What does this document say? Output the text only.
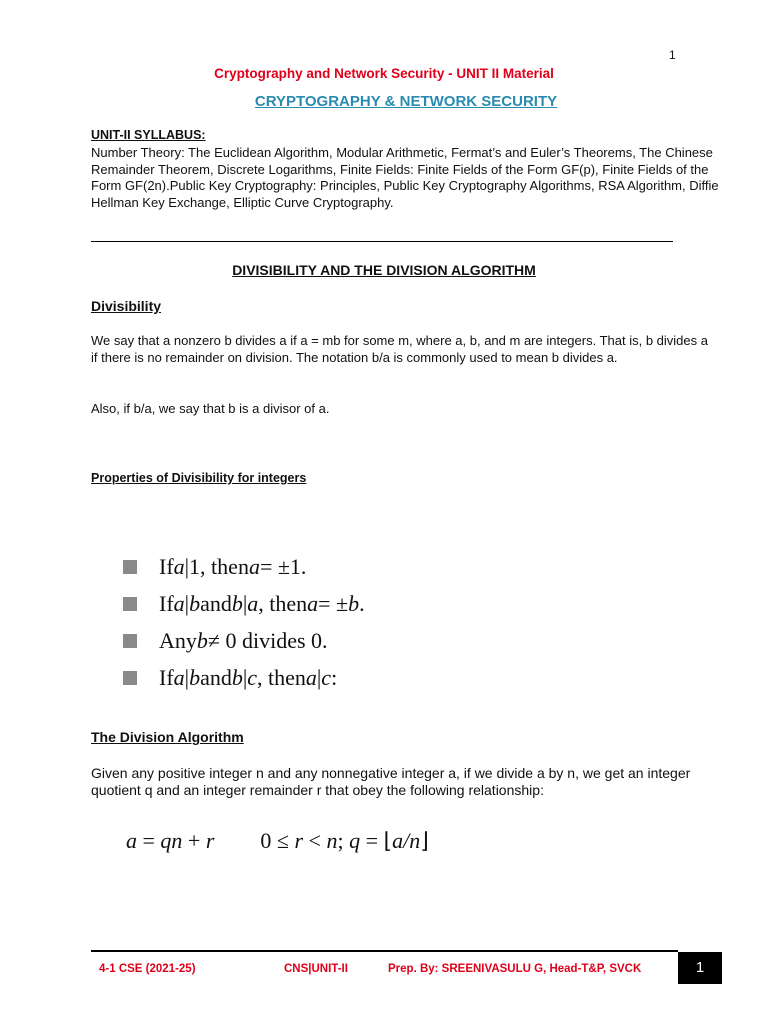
1
Cryptography and Network Security - UNIT II Material
CRYPTOGRAPHY & NETWORK SECURITY
UNIT-II SYLLABUS:
Number Theory: The Euclidean Algorithm, Modular Arithmetic, Fermat’s and Euler’s Theorems, The Chinese Remainder Theorem, Discrete Logarithms, Finite Fields: Finite Fields of the Form GF(p), Finite Fields of the Form GF(2n).Public Key Cryptography: Principles, Public Key Cryptography Algorithms, RSA Algorithm, Diffie Hellman Key Exchange, Elliptic Curve Cryptography.
DIVISIBILITY AND THE DIVISION ALGORITHM
Divisibility
We say that a nonzero b divides a if a = mb for some m, where a, b, and m are integers. That is, b divides a if there is no remainder on division. The notation b/a is commonly used to mean b divides a.
Also, if b/a, we say that b is a divisor of a.
Properties of Divisibility for integers
If a |1, then a = ±1.
If a | b and b | a , then a = ± b .
Any b ≠ 0 divides 0.
If a | b and b | c , then a | c :
The Division Algorithm
Given any positive integer n and any nonnegative integer a, if we divide a by n, we get an integer quotient q and an integer remainder r that obey the following relationship:
a = qn + r 0 ≤ r < n; q = ⌊a/n⌋
4-1 CSE (2021-25)	CNS|UNIT-II	Prep. By: SREENIVASULU G, Head-T&P, SVCK	1
